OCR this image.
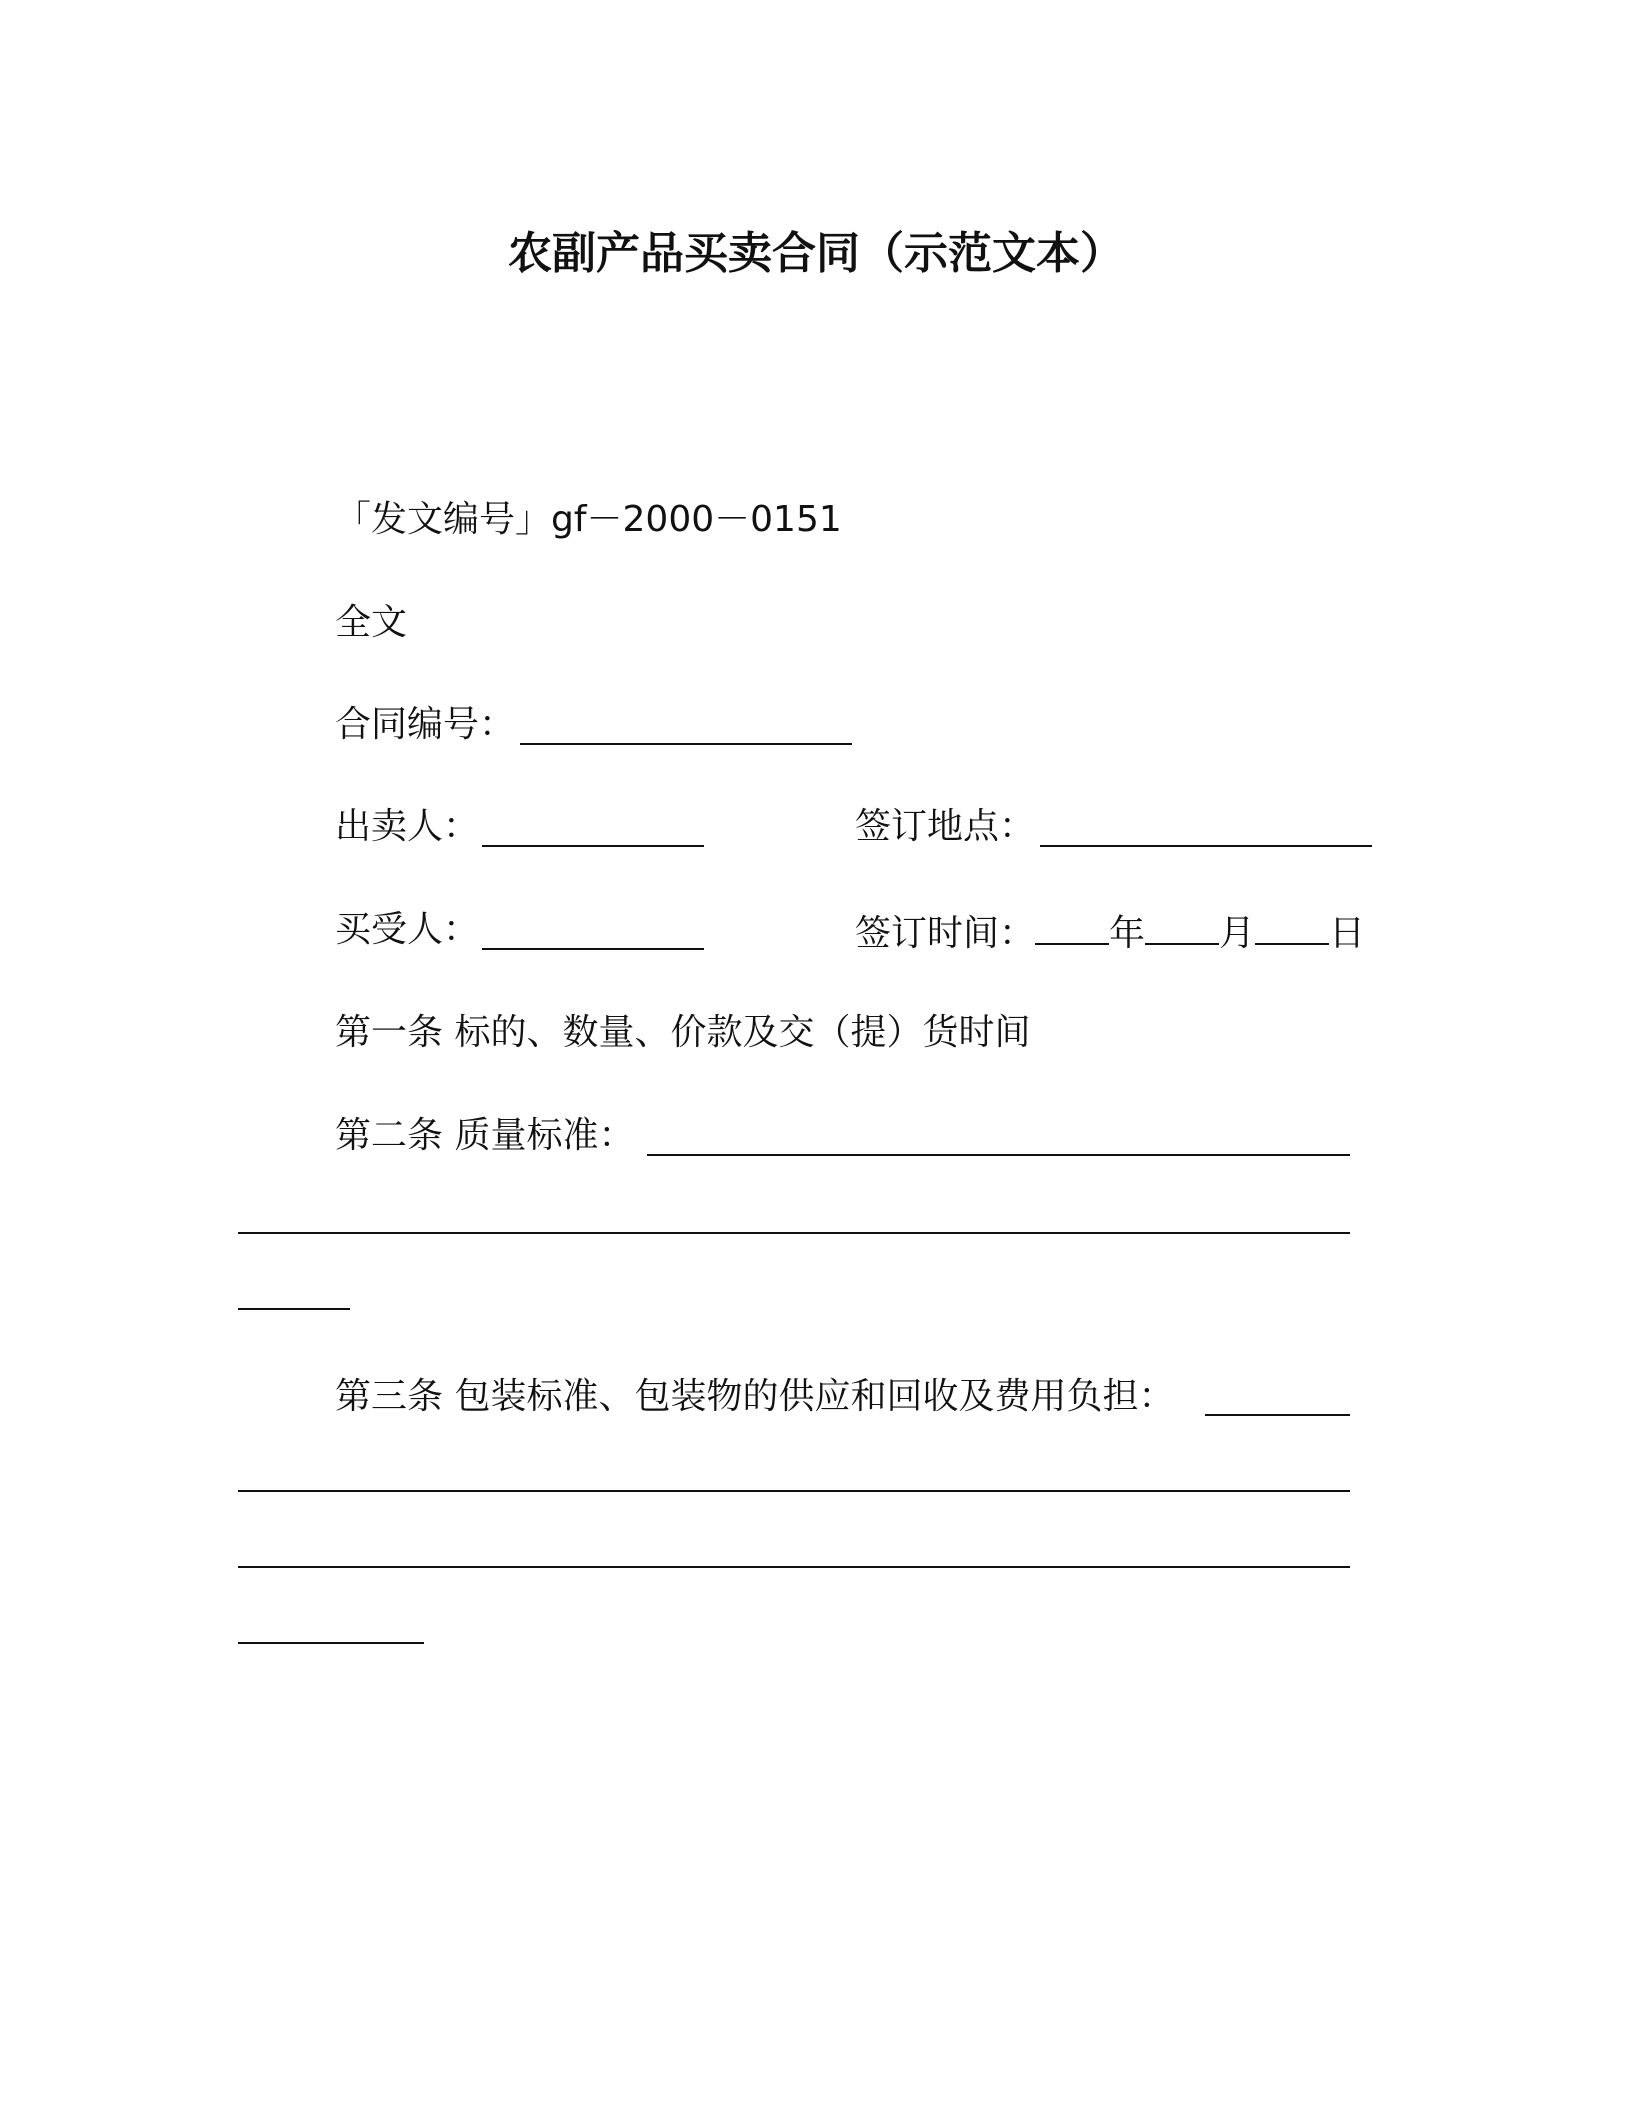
农副产品买卖合同（示范文本）
「发文编号」gf－2000－0151
全文
合同编号：
出卖人：	签订地点：
买受人：	签订时间： 年 月 日
第一条 标的、数量、价款及交（提）货时间
第二条 质量标准：
第三条 包装标准、包装物的供应和回收及费用负担：
